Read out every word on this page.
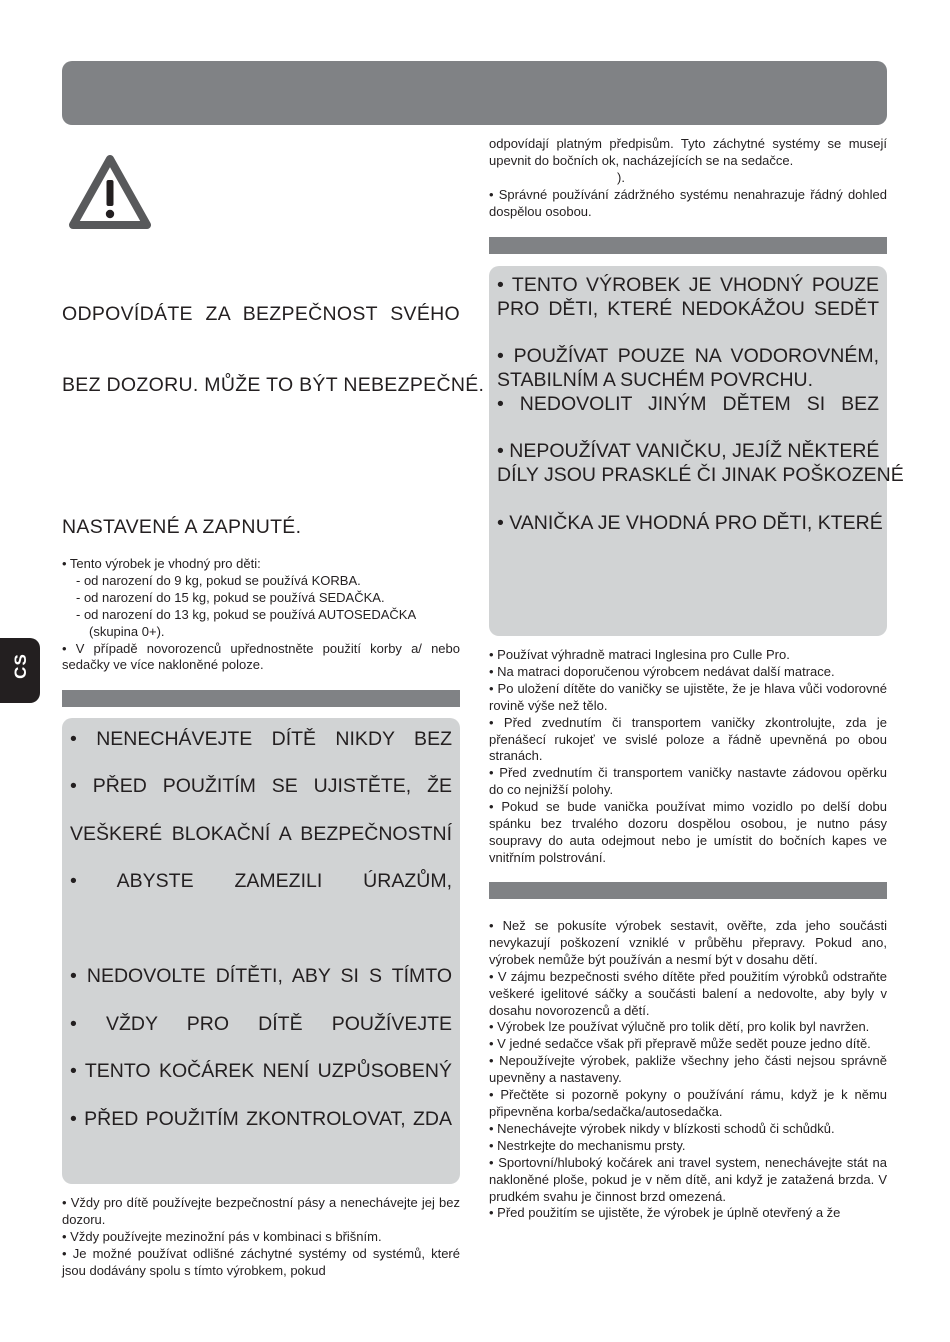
ODPOVÍDÁTE ZA BEZPEČNOST SVÉHO
BEZ DOZORU. MŮŽE TO BÝT NEBEZPEČNÉ.
NASTAVENÉ A ZAPNUTÉ.

• Tento výrobek je vhodný pro děti:

- od narození do 9 kg, pokud se používá KORBA.

- od narození do 15 kg, pokud se používá SEDAČKA.

- od narození do 13 kg, pokud se používá AUTOSEDAČKA

(skupina 0+).

• V případě novorozenců upřednostněte použití korby a/ nebo sedačky ve více nakloněné poloze.

• NENECHÁVEJTE DÍTĚ NIKDY BEZ
• PŘED POUŽITÍM SE UJISTĚTE, ŽE
VEŠKERÉ BLOKAČNÍ A BEZPEČNOSTNÍ
• ABYSTE ZAMEZILI ÚRAZŮM,
• NEDOVOLTE DÍTĚTI, ABY SI S TÍMTO
• VŽDY PRO DÍTĚ POUŽÍVEJTE
• TENTO KOČÁREK NENÍ UZPŮSOBENÝ
• PŘED POUŽITÍM ZKONTROLOVAT, ZDA

• Vždy pro dítě používejte bezpečnostní pásy a nenechávejte jej bez dozoru.

• Vždy používejte mezinožní pás v kombinaci s břišním.

• Je možné používat odlišné záchytné systémy od systémů, které jsou dodávány spolu s tímto výrobkem, pokud

CS

odpovídají platným předpisům. Tyto záchytné systémy se musejí upevnit do bočních ok, nacházejících se na sedačce.

).

• Správné používání zádržného systému nenahrazuje řádný dohled dospělou osobou.

• TENTO VÝROBEK JE VHODNÝ POUZE
PRO DĚTI, KTERÉ NEDOKÁŽOU SEDĚT
• POUŽÍVAT POUZE NA VODOROVNÉM,
STABILNÍM A SUCHÉM POVRCHU.
• NEDOVOLIT JINÝM DĚTEM SI BEZ
• NEPOUŽÍVAT VANIČKU, JEJÍŽ NĚKTERÉ
DÍLY JSOU PRASKLÉ ČI JINAK POŠKOZENÉ
• VANIČKA JE VHODNÁ PRO DĚTI, KTERÉ

• Používat výhradně matraci Inglesina pro Culle Pro.

• Na matraci doporučenou výrobcem nedávat další matrace.

• Po uložení dítěte do vaničky se ujistěte, že je hlava vůči vodorovné rovině výše než tělo.

• Před zvednutím či transportem vaničky zkontrolujte, zda je přenášecí rukojeť ve svislé poloze a řádně upevněná po obou stranách.

• Před zvednutím či transportem vaničky nastavte zádovou opěrku do co nejnižší polohy.

• Pokud se bude vanička používat mimo vozidlo po delší dobu spánku bez trvalého dozoru dospělou osobou, je nutno pásy soupravy do auta odejmout nebo je umístit do bočních kapes ve vnitřním polstrování.

• Než se pokusíte výrobek sestavit, ověřte, zda jeho součásti nevykazují poškození vzniklé v průběhu přepravy. Pokud ano, výrobek nemůže být používán a nesmí být v dosahu dětí.

• V zájmu bezpečnosti svého dítěte před použitím výrobků odstraňte veškeré igelitové sáčky a součásti balení a nedovolte, aby byly v dosahu novorozenců a dětí.

• Výrobek lze používat výlučně pro tolik dětí, pro kolik byl navržen.

• V jedné sedačce však při přepravě může sedět pouze jedno dítě.

• Nepoužívejte výrobek, pakliže všechny jeho části nejsou správně upevněny a nastaveny.

• Přečtěte si pozorně pokyny o používání rámu, když je k němu připevněna korba/sedačka/autosedačka.

• Nenechávejte výrobek nikdy v blízkosti schodů či schůdků.

• Nestrkejte do mechanismu prsty.

• Sportovní/hluboký kočárek ani travel system, nenechávejte stát na nakloněné ploše, pokud je v něm dítě, ani když je zatažená brzda. V prudkém svahu je činnost brzd omezená.

• Před použitím se ujistěte, že výrobek je úplně otevřený a že
